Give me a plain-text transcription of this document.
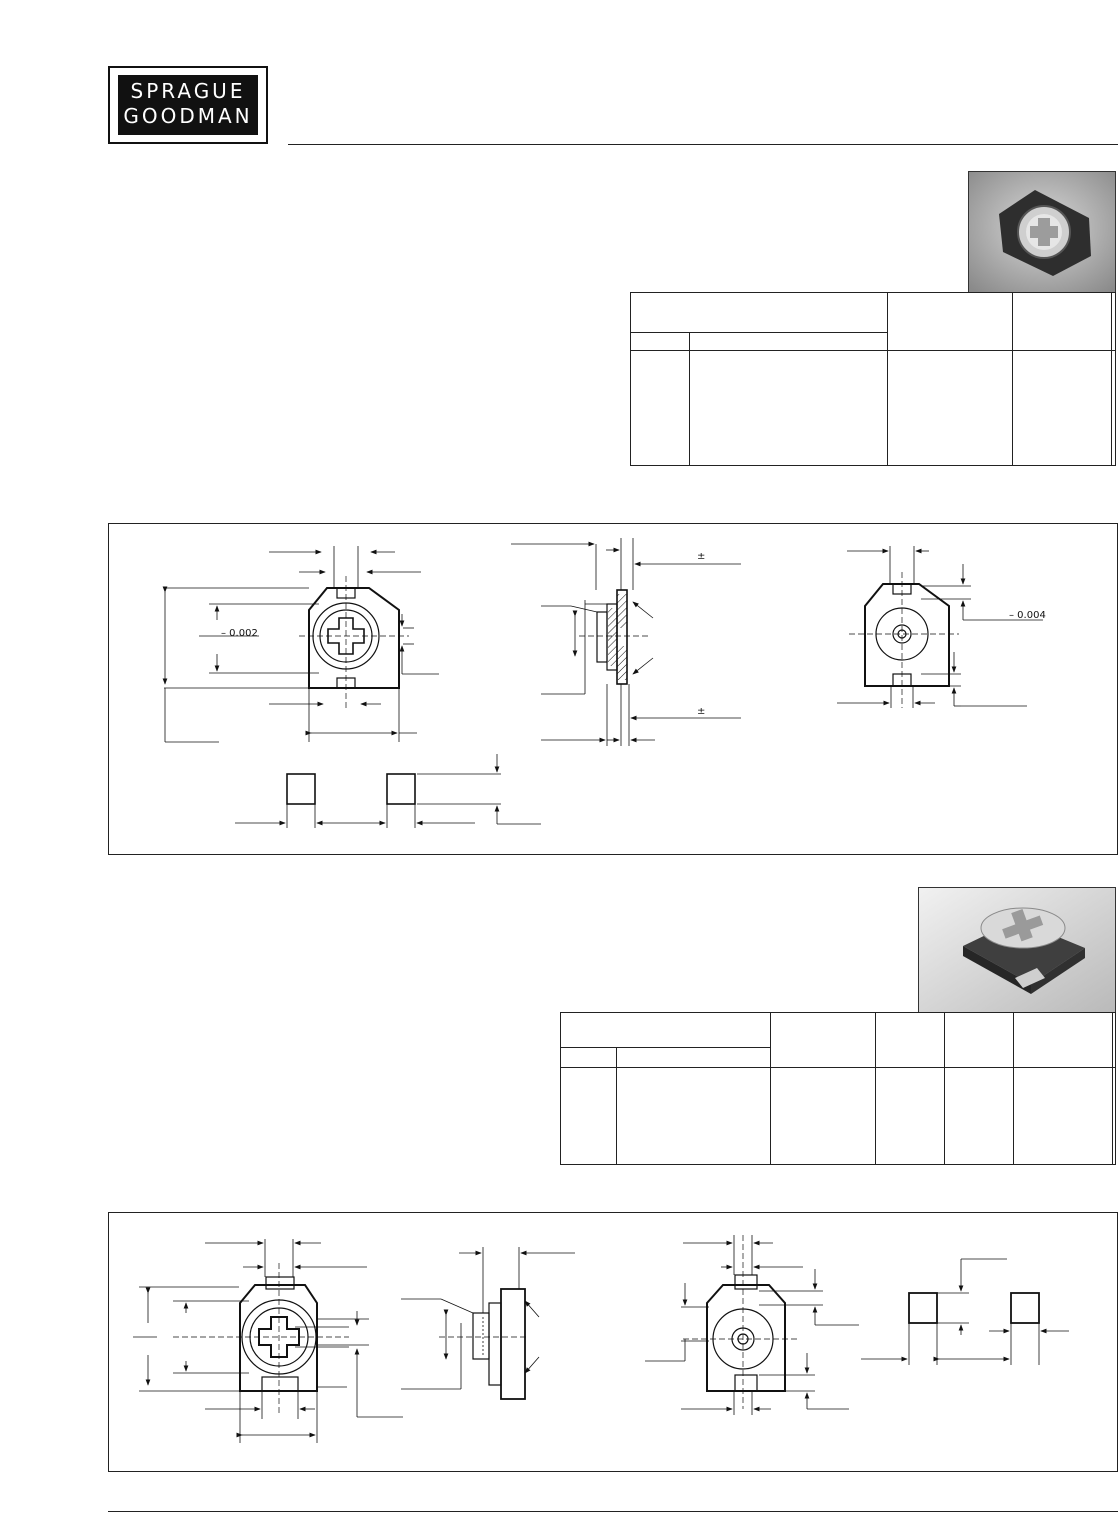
SPRAGUE
GOODMAN

– 0.002
±
±
– 0.004
